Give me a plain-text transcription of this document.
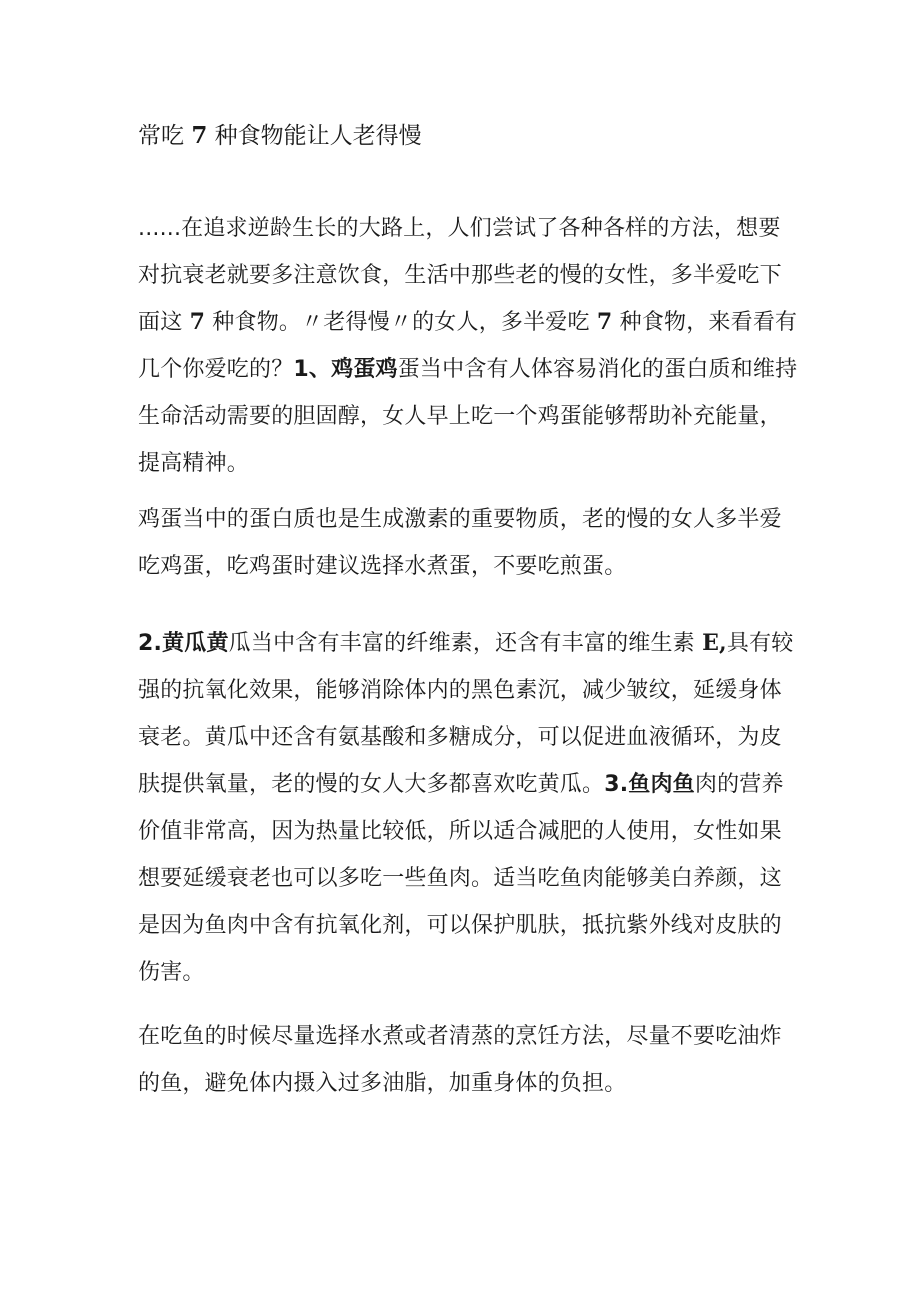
常吃 7 种食物能让人老得慢

......在追求逆龄生长的大路上，人们尝试了各种各样的方法，想要对抗衰老就要多注意饮食，生活中那些老的慢的女性，多半爱吃下面这 7 种食物。〃老得慢〃的女人，多半爱吃 7 种食物，来看看有几个你爱吃的？1、鸡蛋鸡蛋当中含有人体容易消化的蛋白质和维持生命活动需要的胆固醇，女人早上吃一个鸡蛋能够帮助补充能量，提高精神。

鸡蛋当中的蛋白质也是生成激素的重要物质，老的慢的女人多半爱吃鸡蛋，吃鸡蛋时建议选择水煮蛋，不要吃煎蛋。

2.黄瓜黄瓜当中含有丰富的纤维素，还含有丰富的维生素 E,具有较强的抗氧化效果，能够消除体内的黑色素沉，减少皱纹，延缓身体衰老。黄瓜中还含有氨基酸和多糖成分，可以促进血液循环，为皮肤提供氧量，老的慢的女人大多都喜欢吃黄瓜。3.鱼肉鱼肉的营养价值非常高，因为热量比较低，所以适合减肥的人使用，女性如果想要延缓衰老也可以多吃一些鱼肉。适当吃鱼肉能够美白养颜，这是因为鱼肉中含有抗氧化剂，可以保护肌肤，抵抗紫外线对皮肤的伤害。

在吃鱼的时候尽量选择水煮或者清蒸的烹饪方法，尽量不要吃油炸的鱼，避免体内摄入过多油脂，加重身体的负担。
